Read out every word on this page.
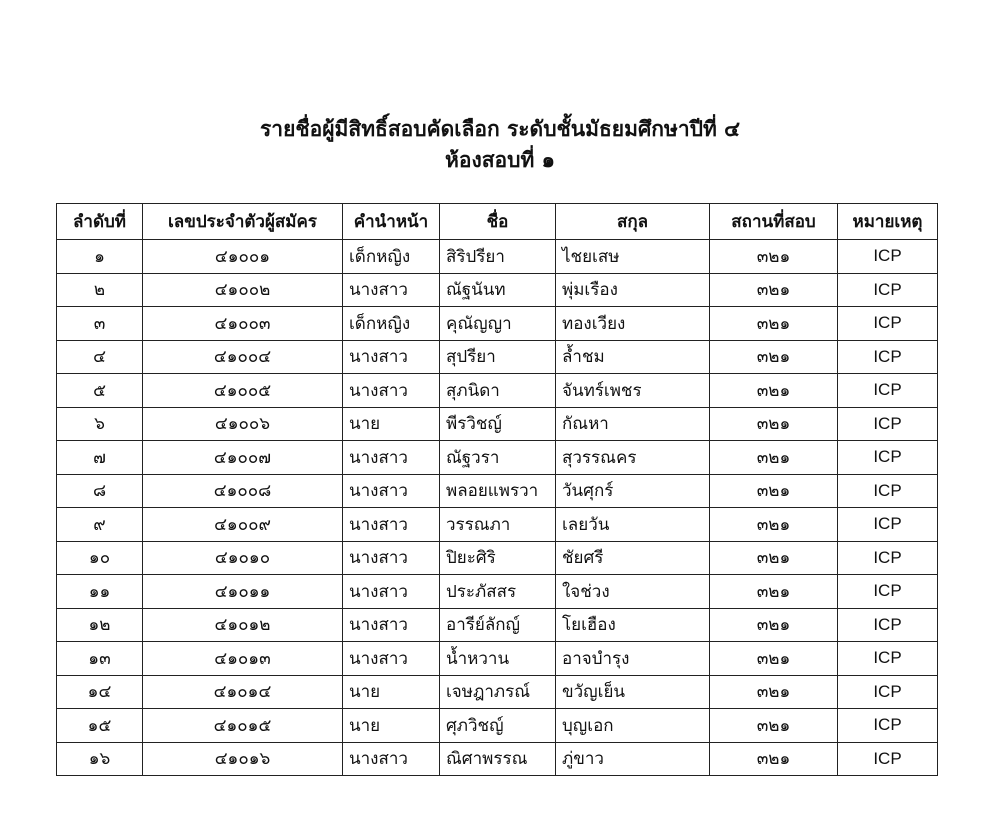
รายชื่อผู้มีสิทธิ์สอบคัดเลือก ระดับชั้นมัธยมศึกษาปีที่ ๔
ห้องสอบที่ ๑
ลำดับที่	เลขประจำตัวผู้สมัคร	คำนำหน้า	ชื่อ	สกุล	สถานที่สอบ	หมายเหตุ
๑	๔๑๐๐๑	เด็กหญิง	สิริปรียา	ไชยเสษ	๓๒๑	ICP
๒	๔๑๐๐๒	นางสาว	ณัฐนันท	พุ่มเรือง	๓๒๑	ICP
๓	๔๑๐๐๓	เด็กหญิง	คุณัญญา	ทองเวียง	๓๒๑	ICP
๔	๔๑๐๐๔	นางสาว	สุปรียา	ล้ำชม	๓๒๑	ICP
๕	๔๑๐๐๕	นางสาว	สุภนิดา	จันทร์เพชร	๓๒๑	ICP
๖	๔๑๐๐๖	นาย	พีรวิชญ์	กัณหา	๓๒๑	ICP
๗	๔๑๐๐๗	นางสาว	ณัฐวรา	สุวรรณคร	๓๒๑	ICP
๘	๔๑๐๐๘	นางสาว	พลอยแพรวา	วันศุกร์	๓๒๑	ICP
๙	๔๑๐๐๙	นางสาว	วรรณภา	เลยวัน	๓๒๑	ICP
๑๐	๔๑๐๑๐	นางสาว	ปิยะศิริ	ชัยศรี	๓๒๑	ICP
๑๑	๔๑๐๑๑	นางสาว	ประภัสสร	ใจช่วง	๓๒๑	ICP
๑๒	๔๑๐๑๒	นางสาว	อารีย์ลักญ์	โยเฮือง	๓๒๑	ICP
๑๓	๔๑๐๑๓	นางสาว	น้ำหวาน	อาจบำรุง	๓๒๑	ICP
๑๔	๔๑๐๑๔	นาย	เจษฎาภรณ์	ขวัญเย็น	๓๒๑	ICP
๑๕	๔๑๐๑๕	นาย	ศุภวิชญ์	บุญเอก	๓๒๑	ICP
๑๖	๔๑๐๑๖	นางสาว	ณิศาพรรณ	ภู่ขาว	๓๒๑	ICP
